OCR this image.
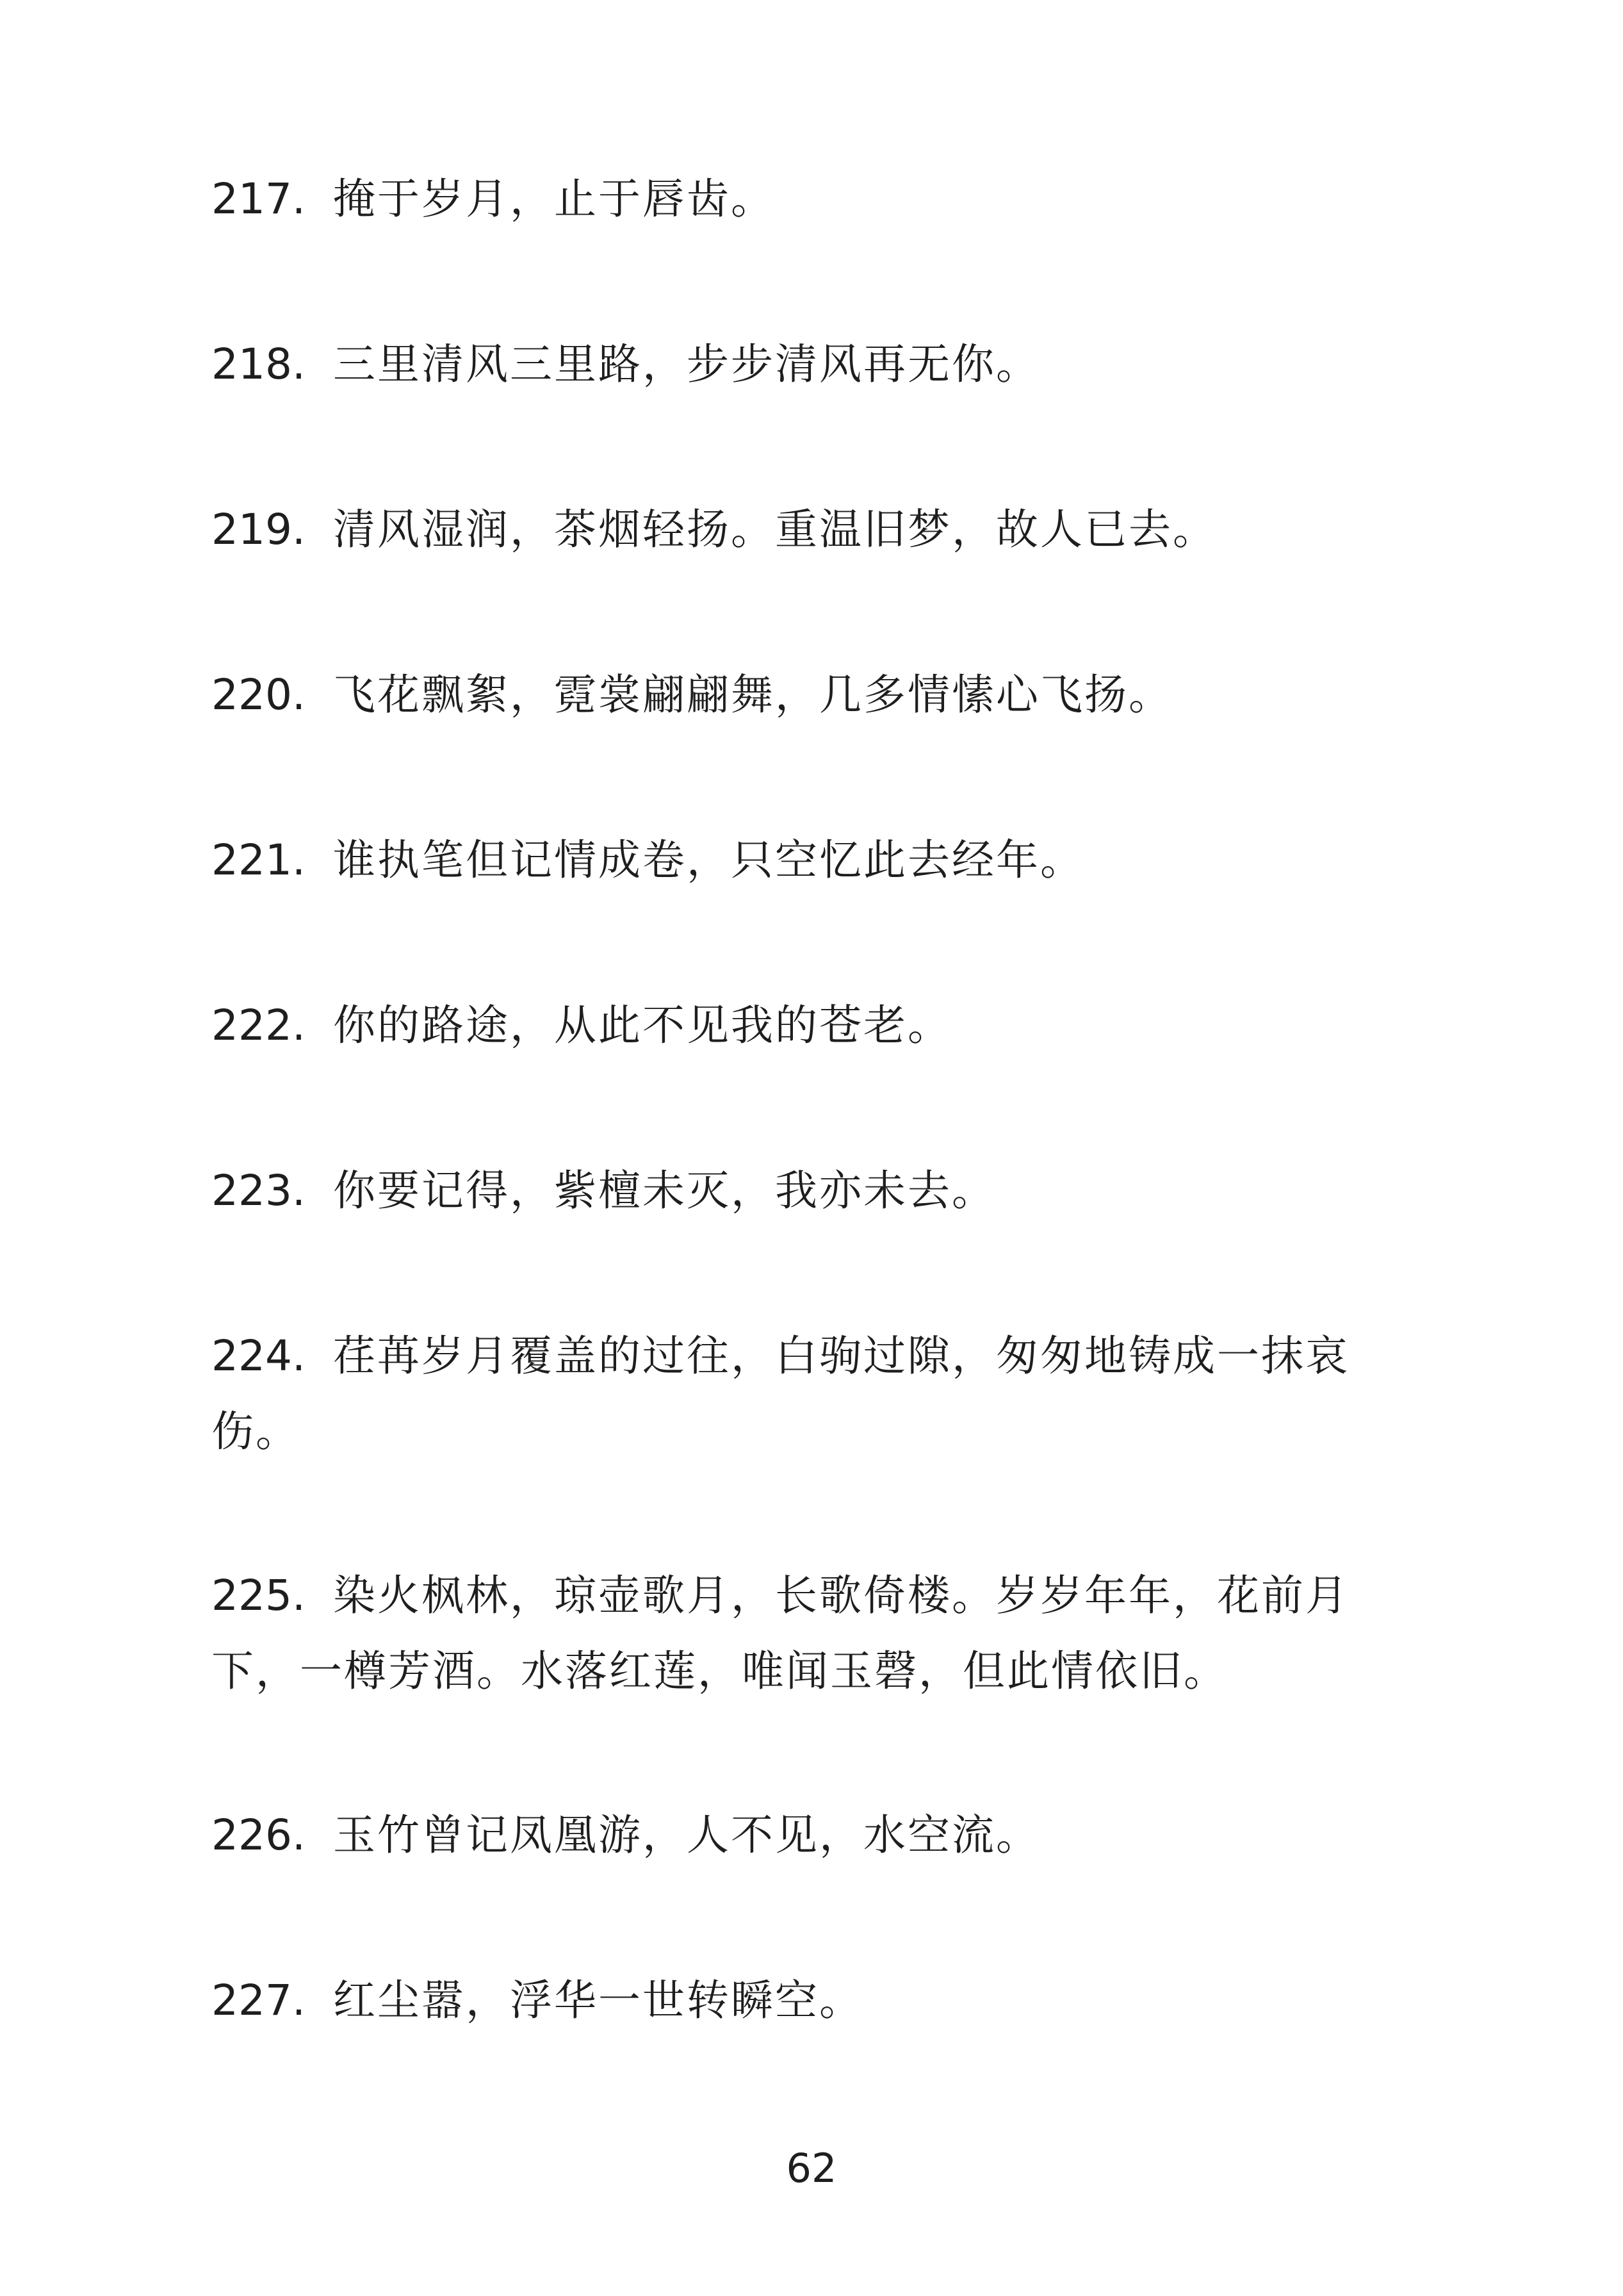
217. 掩于岁月，止于唇齿。
218. 三里清风三里路，步步清风再无你。
219. 清风湿润，茶烟轻扬。重温旧梦，故人已去。
220. 飞花飘絮，霓裳翩翩舞，几多情愫心飞扬。
221. 谁执笔但记情成卷，只空忆此去经年。
222. 你的路途，从此不见我的苍老。
223. 你要记得，紫檀未灭，我亦未去。
224. 荏苒岁月覆盖的过往，白驹过隙，匆匆地铸成一抹哀伤。
225. 染火枫林，琼壶歌月，长歌倚楼。岁岁年年，花前月下，一樽芳酒。水落红莲，唯闻玉磬，但此情依旧。
226. 玉竹曾记凤凰游，人不见，水空流。
227. 红尘嚣，浮华一世转瞬空。
62
